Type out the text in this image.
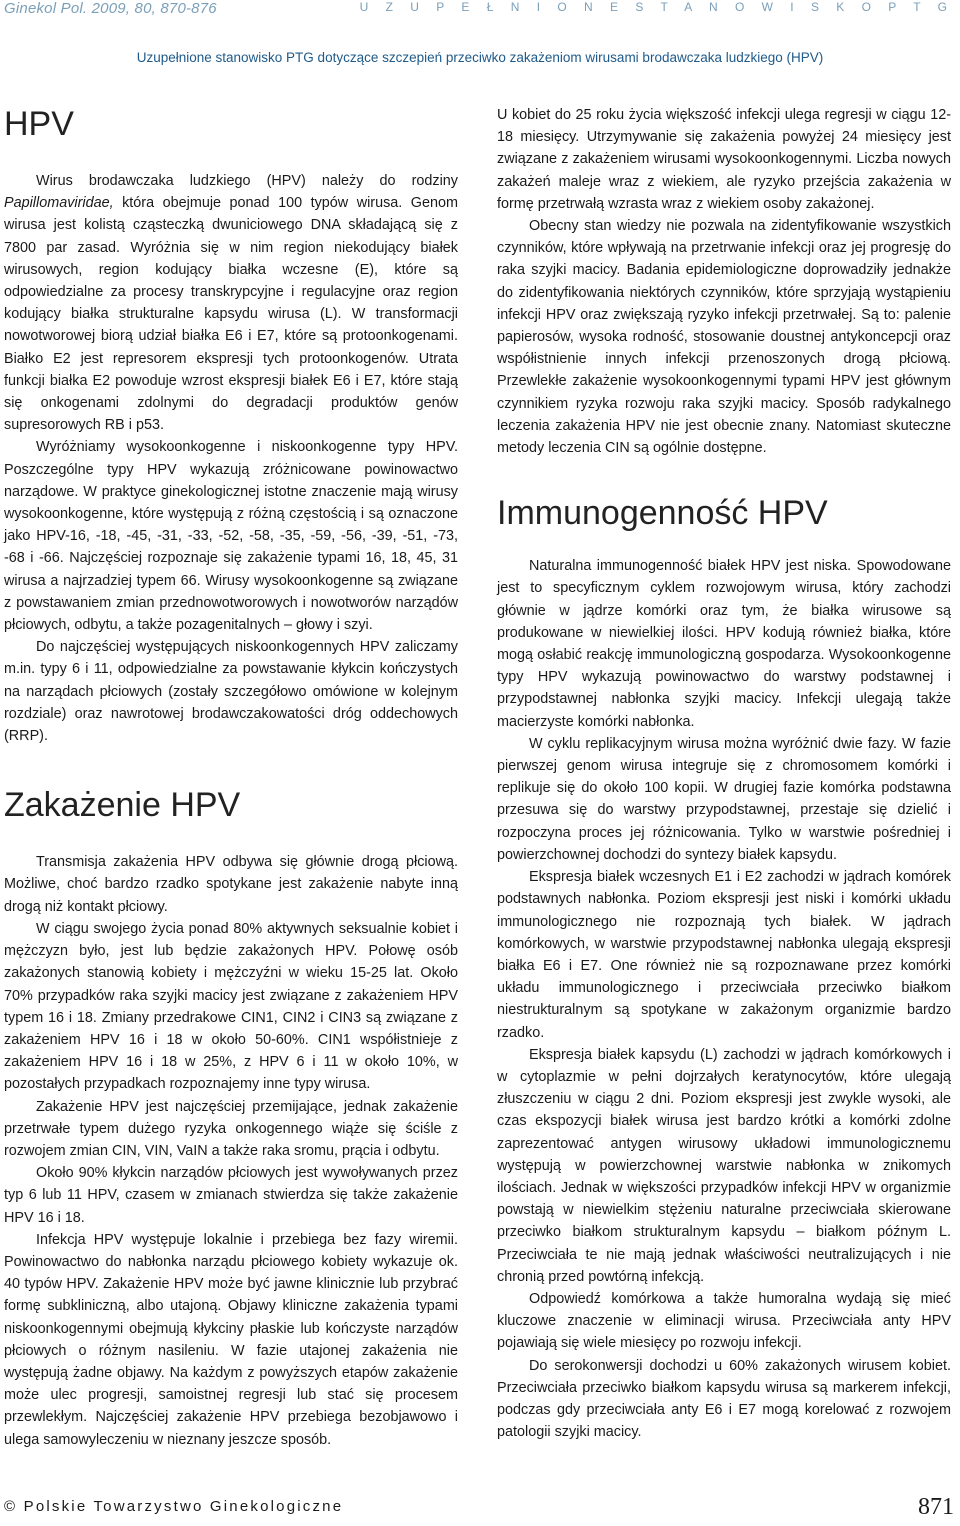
Ginekol Pol. 2009, 80, 870-876	U Z U P E Ł N I O N E S T A N O W I S K O P T G
Uzupełnione stanowisko PTG dotyczące szczepień przeciwko zakażeniom wirusami brodawczaka ludzkiego (HPV)
HPV

Wirus brodawczaka ludzkiego (HPV) należy do rodziny Papillomaviridae, która obejmuje ponad 100 typów wirusa. Genom wirusa jest kolistą cząsteczką dwuniciowego DNA składającą się z 7800 par zasad. Wyróżnia się w nim region niekodujący białek wirusowych, region kodujący białka wczesne (E), które są odpowiedzialne za procesy transkrypcyjne i regulacyjne oraz region kodujący białka strukturalne kapsydu wirusa (L). W transformacji nowotworowej biorą udział białka E6 i E7, które są protoonkogenami. Białko E2 jest represorem ekspresji tych protoonkogenów. Utrata funkcji białka E2 powoduje wzrost ekspresji białek E6 i E7, które stają się onkogenami zdolnymi do degradacji produktów genów supresorowych RB i p53.

Wyróżniamy wysokoonkogenne i niskoonkogenne typy HPV. Poszczególne typy HPV wykazują zróżnicowane powinowactwo narządowe. W praktyce ginekologicznej istotne znaczenie mają wirusy wysokoonkogenne, które występują z różną częstością i są oznaczone jako HPV-16, -18, -45, -31, -33, -52, -58, -35, -59, -56, -39, -51, -73, -68 i -66. Najczęściej rozpoznaje się zakażenie typami 16, 18, 45, 31 wirusa a najrzadziej typem 66. Wirusy wysokoonkogenne są związane z powstawaniem zmian przednowotworowych i nowotworów narządów płciowych, odbytu, a także pozagenitalnych – głowy i szyi.

Do najczęściej występujących niskoonkogennych HPV zaliczamy m.in. typy 6 i 11, odpowiedzialne za powstawanie kłykcin kończystych na narządach płciowych (zostały szczegółowo omówione w kolejnym rozdziale) oraz nawrotowej brodawczakowatości dróg oddechowych (RRP).

Zakażenie HPV

Transmisja zakażenia HPV odbywa się głównie drogą płciową. Możliwe, choć bardzo rzadko spotykane jest zakażenie nabyte inną drogą niż kontakt płciowy.

W ciągu swojego życia ponad 80% aktywnych seksualnie kobiet i mężczyzn było, jest lub będzie zakażonych HPV. Połowę osób zakażonych stanowią kobiety i mężczyźni w wieku 15-25 lat. Około 70% przypadków raka szyjki macicy jest związane z zakażeniem HPV typem 16 i 18. Zmiany przedrakowe CIN1, CIN2 i CIN3 są związane z zakażeniem HPV 16 i 18 w około 50-60%. CIN1 współistnieje z zakażeniem HPV 16 i 18 w 25%, z HPV 6 i 11 w około 10%, w pozostałych przypadkach rozpoznajemy inne typy wirusa.

Zakażenie HPV jest najczęściej przemijające, jednak zakażenie przetrwałe typem dużego ryzyka onkogennego wiąże się ściśle z rozwojem zmian CIN, VIN, VaIN a także raka sromu, prącia i odbytu.

Około 90% kłykcin narządów płciowych jest wywoływanych przez typ 6 lub 11 HPV, czasem w zmianach stwierdza się także zakażenie HPV 16 i 18.

Infekcja HPV występuje lokalnie i przebiega bez fazy wiremii. Powinowactwo do nabłonka narządu płciowego kobiety wykazuje ok. 40 typów HPV. Zakażenie HPV może być jawne klinicznie lub przybrać formę subkliniczną, albo utajoną. Objawy kliniczne zakażenia typami niskoonkogennymi obejmują kłykciny płaskie lub kończyste narządów płciowych o różnym nasileniu. W fazie utajonej zakażenia nie występują żadne objawy. Na każdym z powyższych etapów zakażenie może ulec progresji, samoistnej regresji lub stać się procesem przewlekłym. Najczęściej zakażenie HPV przebiega bezobjawowo i ulega samowyleczeniu w nieznany jeszcze sposób.

U kobiet do 25 roku życia większość infekcji ulega regresji w ciągu 12-18 miesięcy. Utrzymywanie się zakażenia powyżej 24 miesięcy jest związane z zakażeniem wirusami wysokoonkogennymi. Liczba nowych zakażeń maleje wraz z wiekiem, ale ryzyko przejścia zakażenia w formę przetrwałą wzrasta wraz z wiekiem osoby zakażonej.

Obecny stan wiedzy nie pozwala na zidentyfikowanie wszystkich czynników, które wpływają na przetrwanie infekcji oraz jej progresję do raka szyjki macicy. Badania epidemiologiczne doprowadziły jednakże do zidentyfikowania niektórych czynników, które sprzyjają wystąpieniu infekcji HPV oraz zwiększają ryzyko infekcji przetrwałej. Są to: palenie papierosów, wysoka rodność, stosowanie doustnej antykoncepcji oraz współistnienie innych infekcji przenoszonych drogą płciową. Przewlekłe zakażenie wysokoonkogennymi typami HPV jest głównym czynnikiem ryzyka rozwoju raka szyjki macicy. Sposób radykalnego leczenia zakażenia HPV nie jest obecnie znany. Natomiast skuteczne metody leczenia CIN są ogólnie dostępne.

Immunogenność HPV

Naturalna immunogenność białek HPV jest niska. Spowodowane jest to specyficznym cyklem rozwojowym wirusa, który zachodzi głównie w jądrze komórki oraz tym, że białka wirusowe są produkowane w niewielkiej ilości. HPV kodują również białka, które mogą osłabić reakcję immunologiczną gospodarza. Wysokoonkogenne typy HPV wykazują powinowactwo do warstwy podstawnej i przypodstawnej nabłonka szyjki macicy. Infekcji ulegają także macierzyste komórki nabłonka.

W cyklu replikacyjnym wirusa można wyróżnić dwie fazy. W fazie pierwszej genom wirusa integruje się z chromosomem komórki i replikuje się do około 100 kopii. W drugiej fazie komórka podstawna przesuwa się do warstwy przypodstawnej, przestaje się dzielić i rozpoczyna proces jej różnicowania. Tylko w warstwie pośredniej i powierzchownej dochodzi do syntezy białek kapsydu.

Ekspresja białek wczesnych E1 i E2 zachodzi w jądrach komórek podstawnych nabłonka. Poziom ekspresji jest niski i komórki układu immunologicznego nie rozpoznają tych białek. W jądrach komórkowych, w warstwie przypodstawnej nabłonka ulegają ekspresji białka E6 i E7. One również nie są rozpoznawane przez komórki układu immunologicznego i przeciwciała przeciwko białkom niestrukturalnym są spotykane w zakażonym organizmie bardzo rzadko.

Ekspresja białek kapsydu (L) zachodzi w jądrach komórkowych i w cytoplazmie w pełni dojrzałych keratynocytów, które ulegają złuszczeniu w ciągu 2 dni. Poziom ekspresji jest zwykle wysoki, ale czas ekspozycji białek wirusa jest bardzo krótki a komórki zdolne zaprezentować antygen wirusowy układowi immunologicznemu występują w powierzchownej warstwie nabłonka w znikomych ilościach. Jednak w większości przypadków infekcji HPV w organizmie powstają w niewielkim stężeniu naturalne przeciwciała skierowane przeciwko białkom strukturalnym kapsydu – białkom późnym L. Przeciwciała te nie mają jednak właściwości neutralizujących i nie chronią przed powtórną infekcją.

Odpowiedź komórkowa a także humoralna wydają się mieć kluczowe znaczenie w eliminacji wirusa. Przeciwciała anty HPV pojawiają się wiele miesięcy po rozwoju infekcji.

Do serokonwersji dochodzi u 60% zakażonych wirusem kobiet. Przeciwciała przeciwko białkom kapsydu wirusa są markerem infekcji, podczas gdy przeciwciała anty E6 i E7 mogą korelować z rozwojem patologii szyjki macicy.

© Polskie Towarzystwo Ginekologiczne	871
